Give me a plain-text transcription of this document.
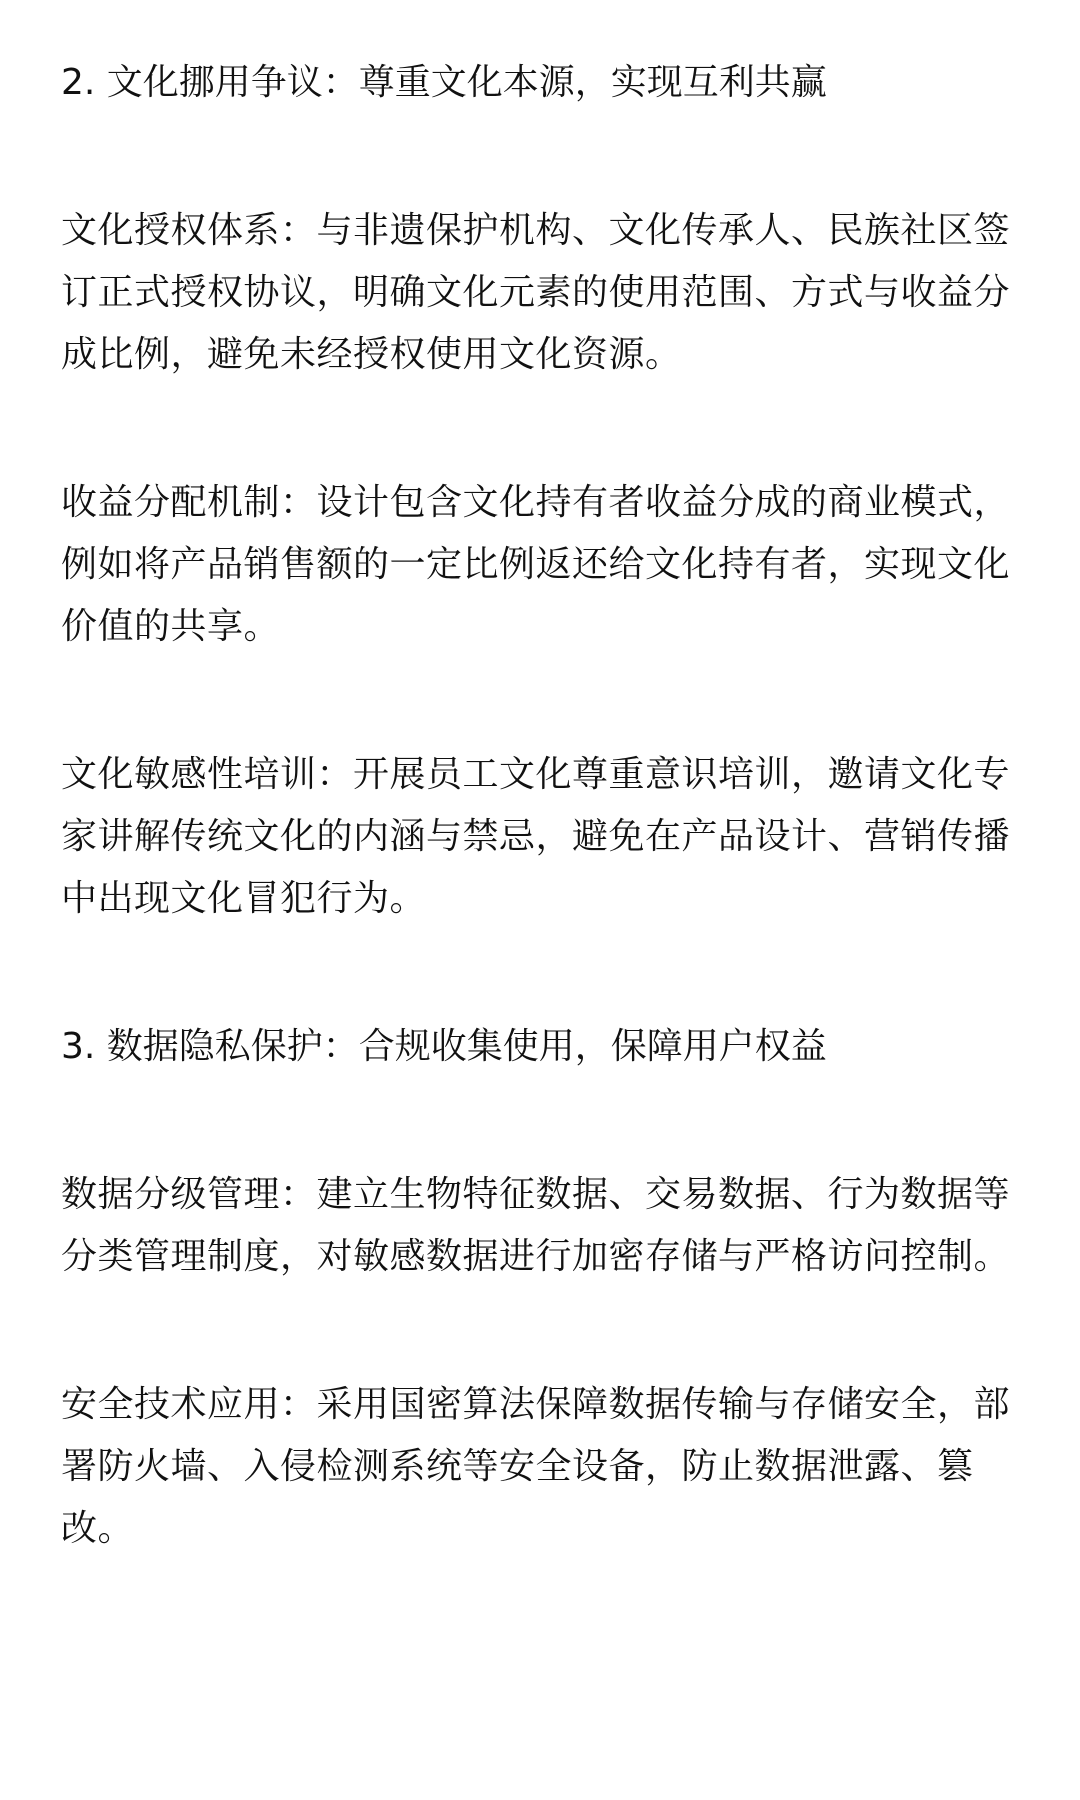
2. 文化挪用争议：尊重文化本源，实现互利共赢

文化授权体系：与非遗保护机构、文化传承人、民族社区签订正式授权协议，明确文化元素的使用范围、方式与收益分成比例，避免未经授权使用文化资源。

收益分配机制：设计包含文化持有者收益分成的商业模式，例如将产品销售额的一定比例返还给文化持有者，实现文化价值的共享。

文化敏感性培训：开展员工文化尊重意识培训，邀请文化专家讲解传统文化的内涵与禁忌，避免在产品设计、营销传播中出现文化冒犯行为。

3. 数据隐私保护：合规收集使用，保障用户权益

数据分级管理：建立生物特征数据、交易数据、行为数据等分类管理制度，对敏感数据进行加密存储与严格访问控制。

安全技术应用：采用国密算法保障数据传输与存储安全，部署防火墙、入侵检测系统等安全设备，防止数据泄露、篡改。
